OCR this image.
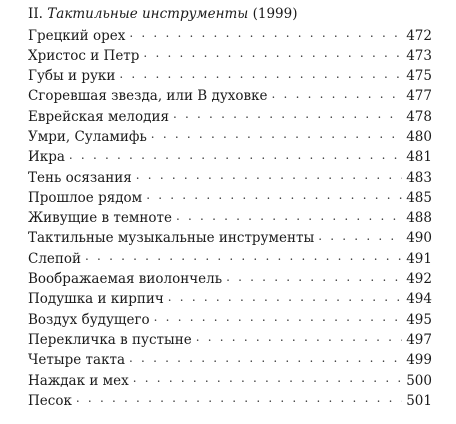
II. Тактильные инструменты (1999)
Грецкий орех . . .	472
Христос и Петр . . .	473
Губы и руки . . .	475
Сгоревшая звезда, или В духовке . . .	477
Еврейская мелодия . . .	478
Умри, Суламифь . . .	480
Икра . . .	481
Тень осязания . . .	483
Прошлое рядом . . .	485
Живущие в темноте . . .	488
Тактильные музыкальные инструменты . . .	490
Слепой . . .	491
Воображаемая виолончель . . .	492
Подушка и кирпич . . .	494
Воздух будущего . . .	495
Перекличка в пустыне . . .	497
Четыре такта . . .	499
Наждак и мех . . .	500
Песок . . .	501
